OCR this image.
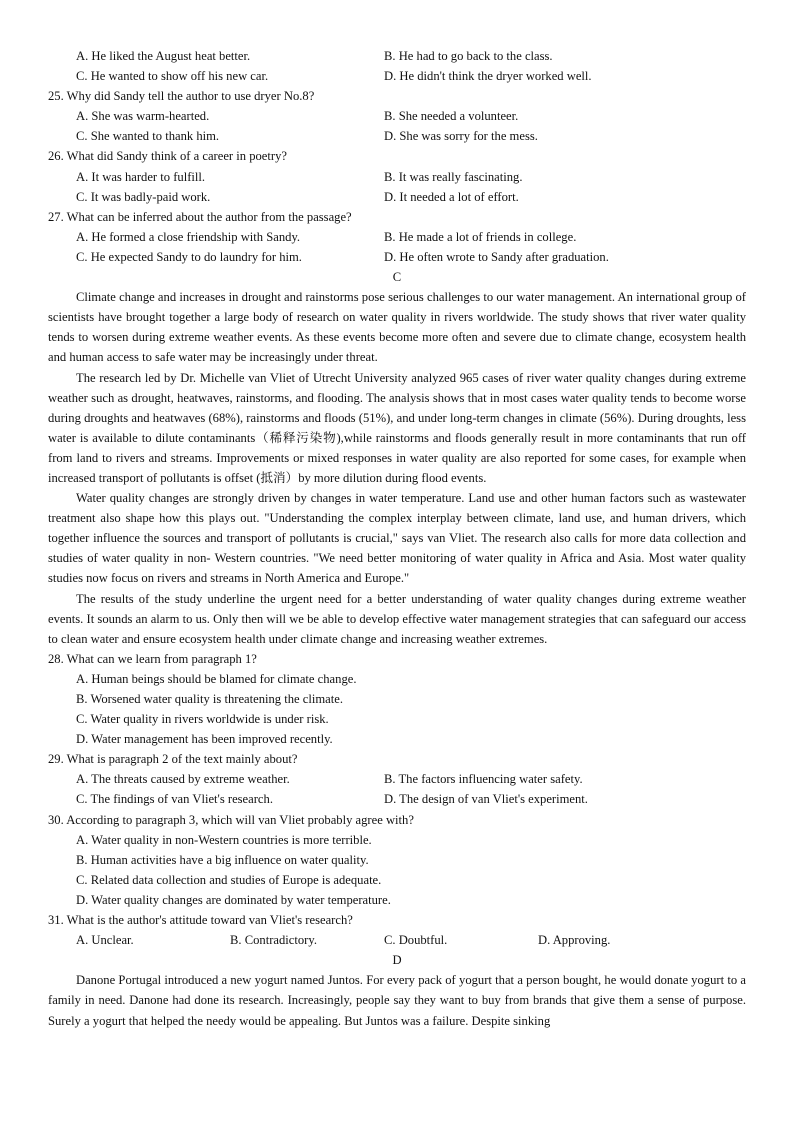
A. He liked the August heat better.	B. He had to go back to the class.
C. He wanted to show off his new car.	D. He didn't think the dryer worked well.
25. Why did Sandy tell the author to use dryer No.8?
A. She was warm-hearted.	B. She needed a volunteer.
C. She wanted to thank him.	D. She was sorry for the mess.
26. What did Sandy think of a career in poetry?
A. It was harder to fulfill.	B. It was really fascinating.
C. It was badly-paid work.	D. It needed a lot of effort.
27. What can be inferred about the author from the passage?
A. He formed a close friendship with Sandy.	B. He made a lot of friends in college.
C. He expected Sandy to do laundry for him.	D. He often wrote to Sandy after graduation.
C

Climate change and increases in drought and rainstorms pose serious challenges to our water management. An international group of scientists have brought together a large body of research on water quality in rivers worldwide. The study shows that river water quality tends to worsen during extreme weather events. As these events become more often and severe due to climate change, ecosystem health and human access to safe water may be increasingly under threat.

The research led by Dr. Michelle van Vliet of Utrecht University analyzed 965 cases of river water quality changes during extreme weather such as drought, heatwaves, rainstorms, and flooding. The analysis shows that in most cases water quality tends to become worse during droughts and heatwaves (68%), rainstorms and floods (51%), and under long-term changes in climate (56%). During droughts, less water is available to dilute contaminants（稀释污染物),while rainstorms and floods generally result in more contaminants that run off from land to rivers and streams. Improvements or mixed responses in water quality are also reported for some cases, for example when increased transport of pollutants is offset (抵消）by more dilution during flood events.

Water quality changes are strongly driven by changes in water temperature. Land use and other human factors such as wastewater treatment also shape how this plays out. "Understanding the complex interplay between climate, land use, and human drivers, which together influence the sources and transport of pollutants is crucial," says van Vliet. The research also calls for more data collection and studies of water quality in non- Western countries. "We need better monitoring of water quality in Africa and Asia. Most water quality studies now focus on rivers and streams in North America and Europe."

The results of the study underline the urgent need for a better understanding of water quality changes during extreme weather events. It sounds an alarm to us. Only then will we be able to develop effective water management strategies that can safeguard our access to clean water and ensure ecosystem health under climate change and increasing weather extremes.

28. What can we learn from paragraph 1?
A. Human beings should be blamed for climate change.
B. Worsened water quality is threatening the climate.
C. Water quality in rivers worldwide is under risk.
D. Water management has been improved recently.
29. What is paragraph 2 of the text mainly about?
A. The threats caused by extreme weather.	B. The factors influencing water safety.
C. The findings of van Vliet's research.	D. The design of van Vliet's experiment.
30. According to paragraph 3, which will van Vliet probably agree with?
A. Water quality in non-Western countries is more terrible.
B. Human activities have a big influence on water quality.
C. Related data collection and studies of Europe is adequate.
D. Water quality changes are dominated by water temperature.
31. What is the author's attitude toward van Vliet's research?
A. Unclear.	B. Contradictory.	C. Doubtful.	D. Approving.
D

Danone Portugal introduced a new yogurt named Juntos. For every pack of yogurt that a person bought, he would donate yogurt to a family in need. Danone had done its research. Increasingly, people say they want to buy from brands that give them a sense of purpose. Surely a yogurt that helped the needy would be appealing. But Juntos was a failure. Despite sinking
